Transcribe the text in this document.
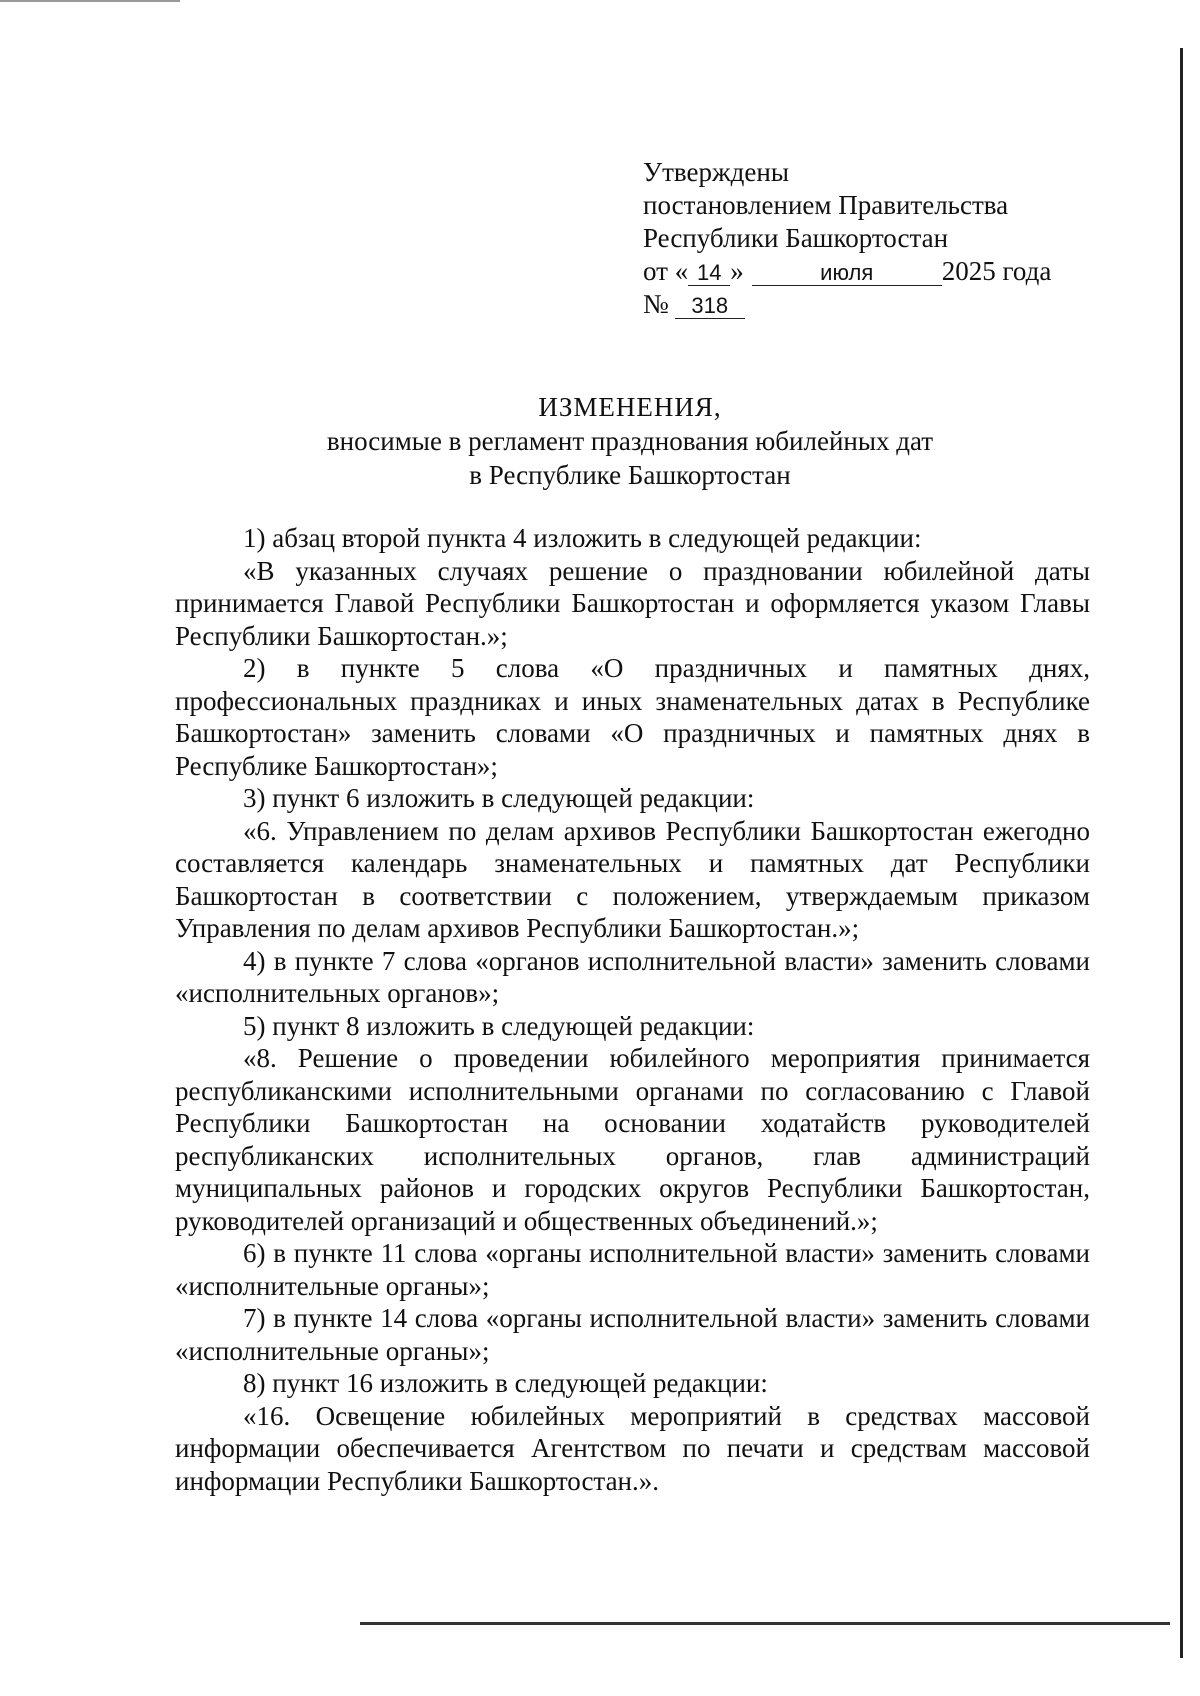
Утверждены
постановлением Правительства
Республики Башкортостан
от « 14 »	июля	2025 года
№ 318
ИЗМЕНЕНИЯ,
вносимые в регламент празднования юбилейных дат
в Республике Башкортостан

1) абзац второй пункта 4 изложить в следующей редакции:

«В указанных случаях решение о праздновании юбилейной даты принимается Главой Республики Башкортостан и оформляется указом Главы Республики Башкортостан.»;

2) в пункте 5 слова «О праздничных и памятных днях, профессиональных праздниках и иных знаменательных датах в Республике Башкортостан» заменить словами «О праздничных и памятных днях в Республике Башкортостан»;

3) пункт 6 изложить в следующей редакции:

«6. Управлением по делам архивов Республики Башкортостан ежегодно составляется календарь знаменательных и памятных дат Республики Башкортостан в соответствии с положением, утверждаемым приказом Управления по делам архивов Республики Башкортостан.»;

4) в пункте 7 слова «органов исполнительной власти» заменить словами «исполнительных органов»;

5) пункт 8 изложить в следующей редакции:

«8. Решение о проведении юбилейного мероприятия принимается республиканскими исполнительными органами по согласованию с Главой Республики Башкортостан на основании ходатайств руководителей республиканских исполнительных органов, глав администраций муниципальных районов и городских округов Республики Башкортостан, руководителей организаций и общественных объединений.»;

6) в пункте 11 слова «органы исполнительной власти» заменить словами «исполнительные органы»;

7) в пункте 14 слова «органы исполнительной власти» заменить словами «исполнительные органы»;

8) пункт 16 изложить в следующей редакции:

«16. Освещение юбилейных мероприятий в средствах массовой информации обеспечивается Агентством по печати и средствам массовой информации Республики Башкортостан.».
